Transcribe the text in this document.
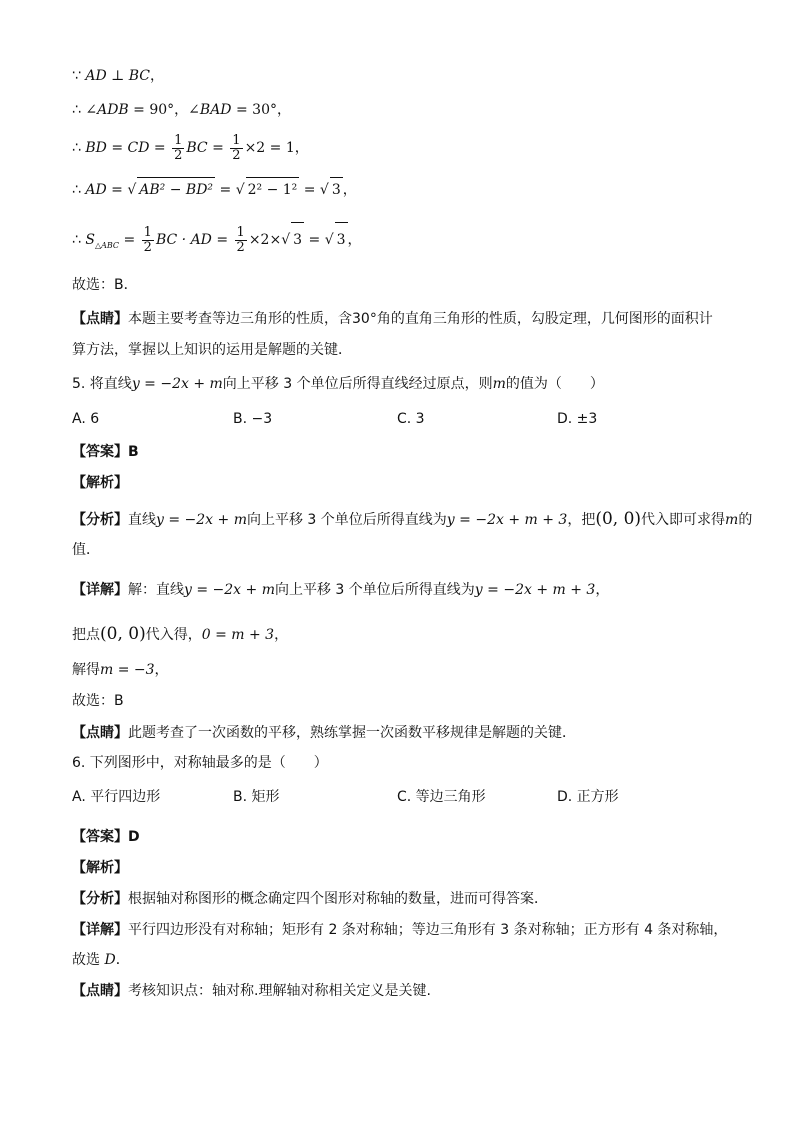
∵ AD ⊥ BC，
∴ ∠ADB = 90°，∠BAD = 30°，
∴ BD = CD = $\frac{1}{2}$ BC = $\frac{1}{2} \times 2 = 1$，
∴ AD = √ AB² − BD² = √ 2² − 1² = √ 3 ，
∴ $S_{\triangle ABC} = \frac{1}{2}$ BC · AD = $\frac{1}{2} \times 2\times√$ 3 = √ 3 ，
故选：B．
【点睛】本题主要考查等边三角形的性质，含30°角的直角三角形的性质，勾股定理，几何图形的面积计
算方法，掌握以上知识的运用是解题的关键．
5. 将直线y = −2x + m向上平移 3 个单位后所得直线经过原点，则m的值为（　　）
A. 6	B. −3	C. 3	D. ±3
【答案】B
【解析】
【分析】直线y = −2x + m向上平移 3 个单位后所得直线为y = −2x + m + 3，把(0, 0)代入即可求得m的
值．
【详解】解：直线y = −2x + m向上平移 3 个单位后所得直线为y = −2x + m + 3，
把点(0, 0)代入得，0 = m + 3，
解得m = −3，
故选：B
【点睛】此题考查了一次函数的平移，熟练掌握一次函数平移规律是解题的关键．
6. 下列图形中，对称轴最多的是（　　）
A. 平行四边形	B. 矩形	C. 等边三角形	D. 正方形
【答案】D
【解析】
【分析】根据轴对称图形的概念确定四个图形对称轴的数量，进而可得答案．
【详解】平行四边形没有对称轴；矩形有 2 条对称轴；等边三角形有 3 条对称轴；正方形有 4 条对称轴，
故选 D．
【点睛】考核知识点：轴对称.理解轴对称相关定义是关键.
